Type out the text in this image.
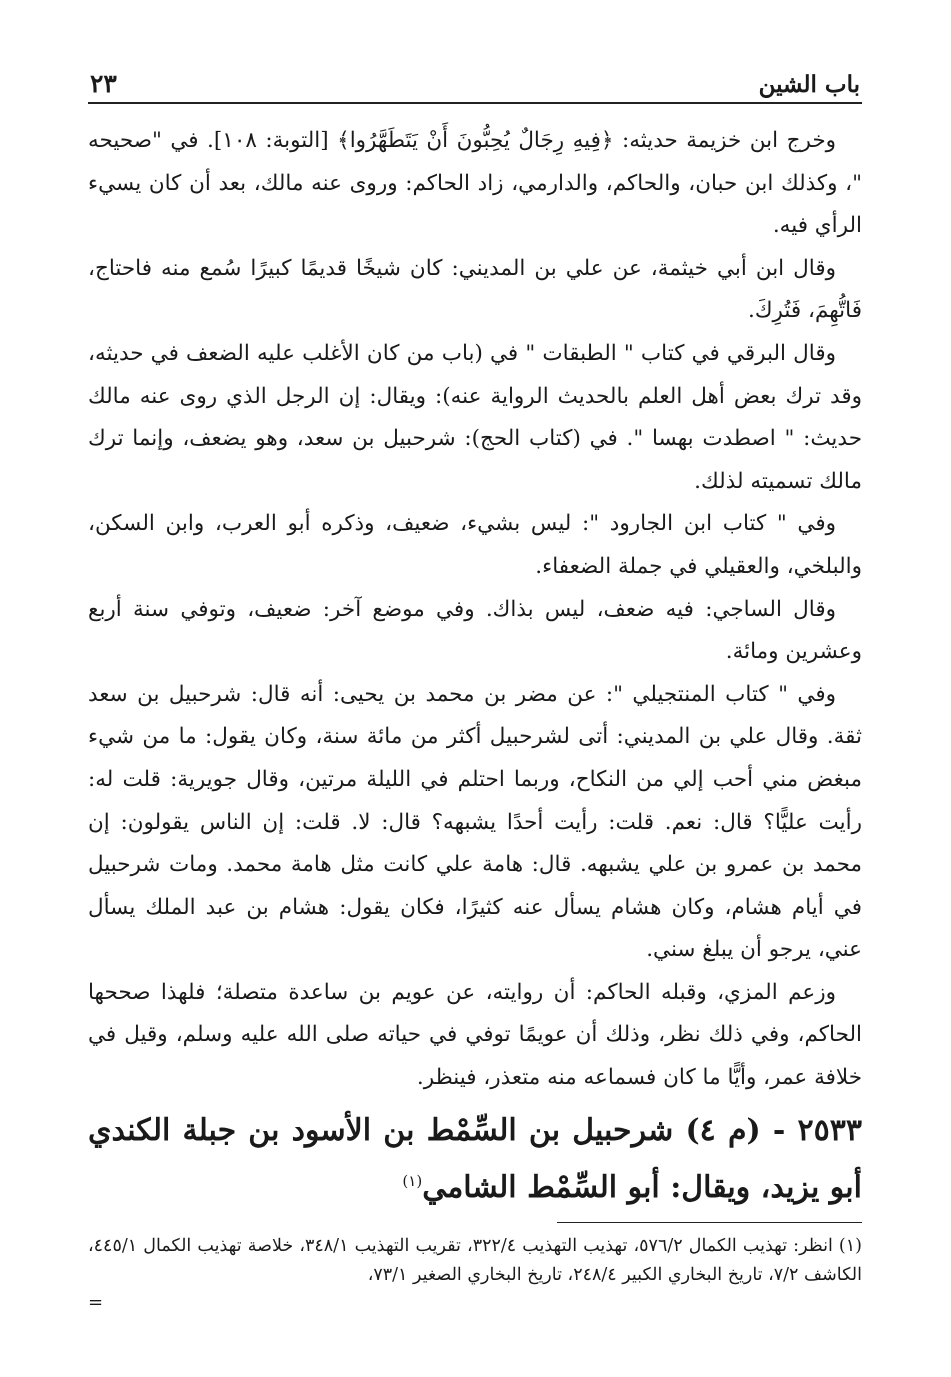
باب الشين
٢٣

وخرج ابن خزيمة حديثه: ﴿فِيهِ رِجَالٌ يُحِبُّونَ أَنْ يَتَطَهَّرُوا﴾ [التوبة: ١٠٨]. في "صحيحه "، وكذلك ابن حبان، والحاكم، والدارمي، زاد الحاكم: وروى عنه مالك، بعد أن كان يسيء الرأي فيه.

وقال ابن أبي خيثمة، عن علي بن المديني: كان شيخًا قديمًا كبيرًا سُمع منه فاحتاج، فَاتُّهِمَ، فَتُرِكَ.

وقال البرقي في كتاب " الطبقات " في (باب من كان الأغلب عليه الضعف في حديثه، وقد ترك بعض أهل العلم بالحديث الرواية عنه): ويقال: إن الرجل الذي روى عنه مالك حديث: " اصطدت بهسا ". في (كتاب الحج): شرحبيل بن سعد، وهو يضعف، وإنما ترك مالك تسميته لذلك.

وفي " كتاب ابن الجارود ": ليس بشيء، ضعيف، وذكره أبو العرب، وابن السكن، والبلخي، والعقيلي في جملة الضعفاء.

وقال الساجي: فيه ضعف، ليس بذاك. وفي موضع آخر: ضعيف، وتوفي سنة أربع وعشرين ومائة.

وفي " كتاب المنتجيلي ": عن مضر بن محمد بن يحيى: أنه قال: شرحبيل بن سعد ثقة. وقال علي بن المديني: أتى لشرحبيل أكثر من مائة سنة، وكان يقول: ما من شيء مبغض مني أحب إلي من النكاح، وربما احتلم في الليلة مرتين، وقال جويرية: قلت له: رأيت عليًّا؟ قال: نعم. قلت: رأيت أحدًا يشبهه؟ قال: لا. قلت: إن الناس يقولون: إن محمد بن عمرو بن علي يشبهه. قال: هامة علي كانت مثل هامة محمد. ومات شرحبيل في أيام هشام، وكان هشام يسأل عنه كثيرًا، فكان يقول: هشام بن عبد الملك يسأل عني، يرجو أن يبلغ سني.

وزعم المزي، وقبله الحاكم: أن روايته، عن عويم بن ساعدة متصلة؛ فلهذا صححها الحاكم، وفي ذلك نظر، وذلك أن عويمًا توفي في حياته صلى الله عليه وسلم، وقيل في خلافة عمر، وأيًّا ما كان فسماعه منه متعذر، فينظر.

٢٥٣٣ - (م ٤) شرحبيل بن السِّمْط بن الأسود بن جبلة الكندي أبو يزيد، ويقال: أبو السِّمْط الشامي$^{(١)}$

(١) انظر: تهذيب الكمال ٥٧٦/٢، تهذيب التهذيب ٣٢٢/٤، تقريب التهذيب ٣٤٨/١، خلاصة تهذيب الكمال ٤٤٥/١، الكاشف ٧/٢، تاريخ البخاري الكبير ٢٤٨/٤، تاريخ البخاري الصغير ٧٣/١،

=
